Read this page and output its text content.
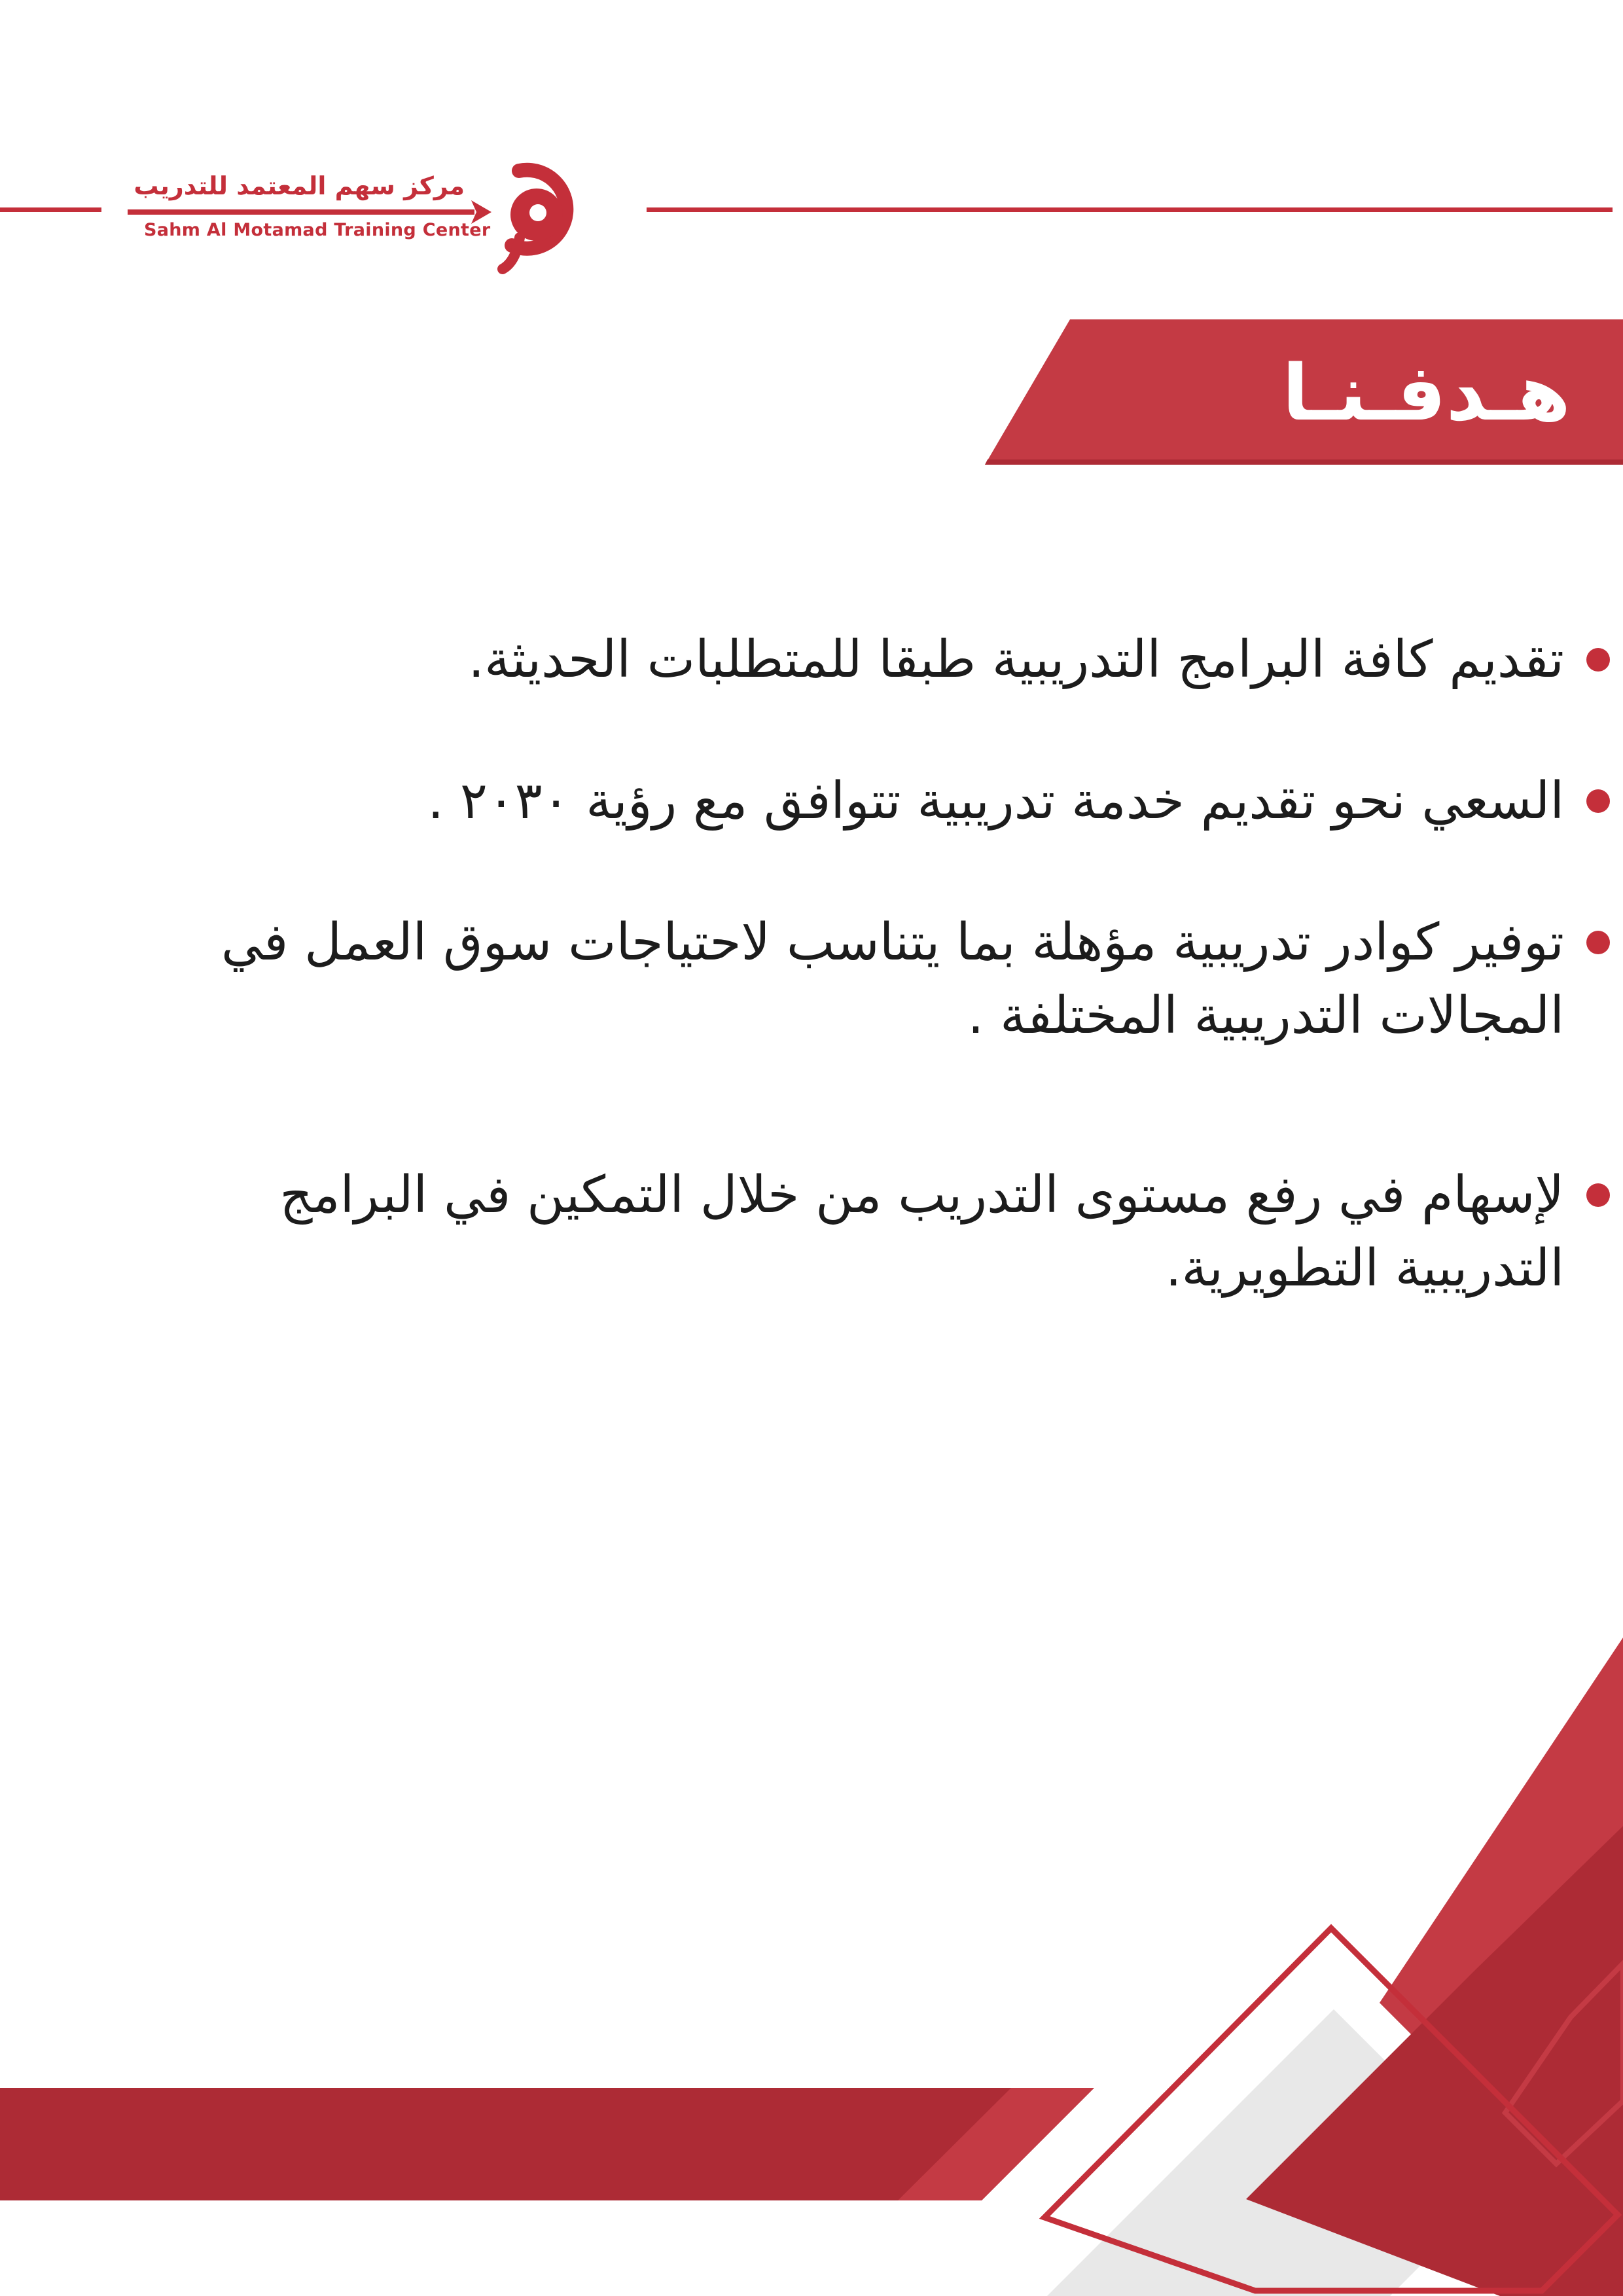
مركز سهم المعتمد للتدريب
Sahm Al Motamad Training Center
هـدفـنـا
تقديم كافة البرامج التدريبية طبقا للمتطلبات الحديثة.
السعي نحو تقديم خدمة تدريبية تتوافق مع رؤية ٢٠٣٠ .
توفير كوادر تدريبية مؤهلة بما يتناسب لاحتياجات سوق العمل في المجالات التدريبية المختلفة .
لإسهام في رفع مستوى التدريب من خلال التمكين في البرامج التدريبية التطويرية.
